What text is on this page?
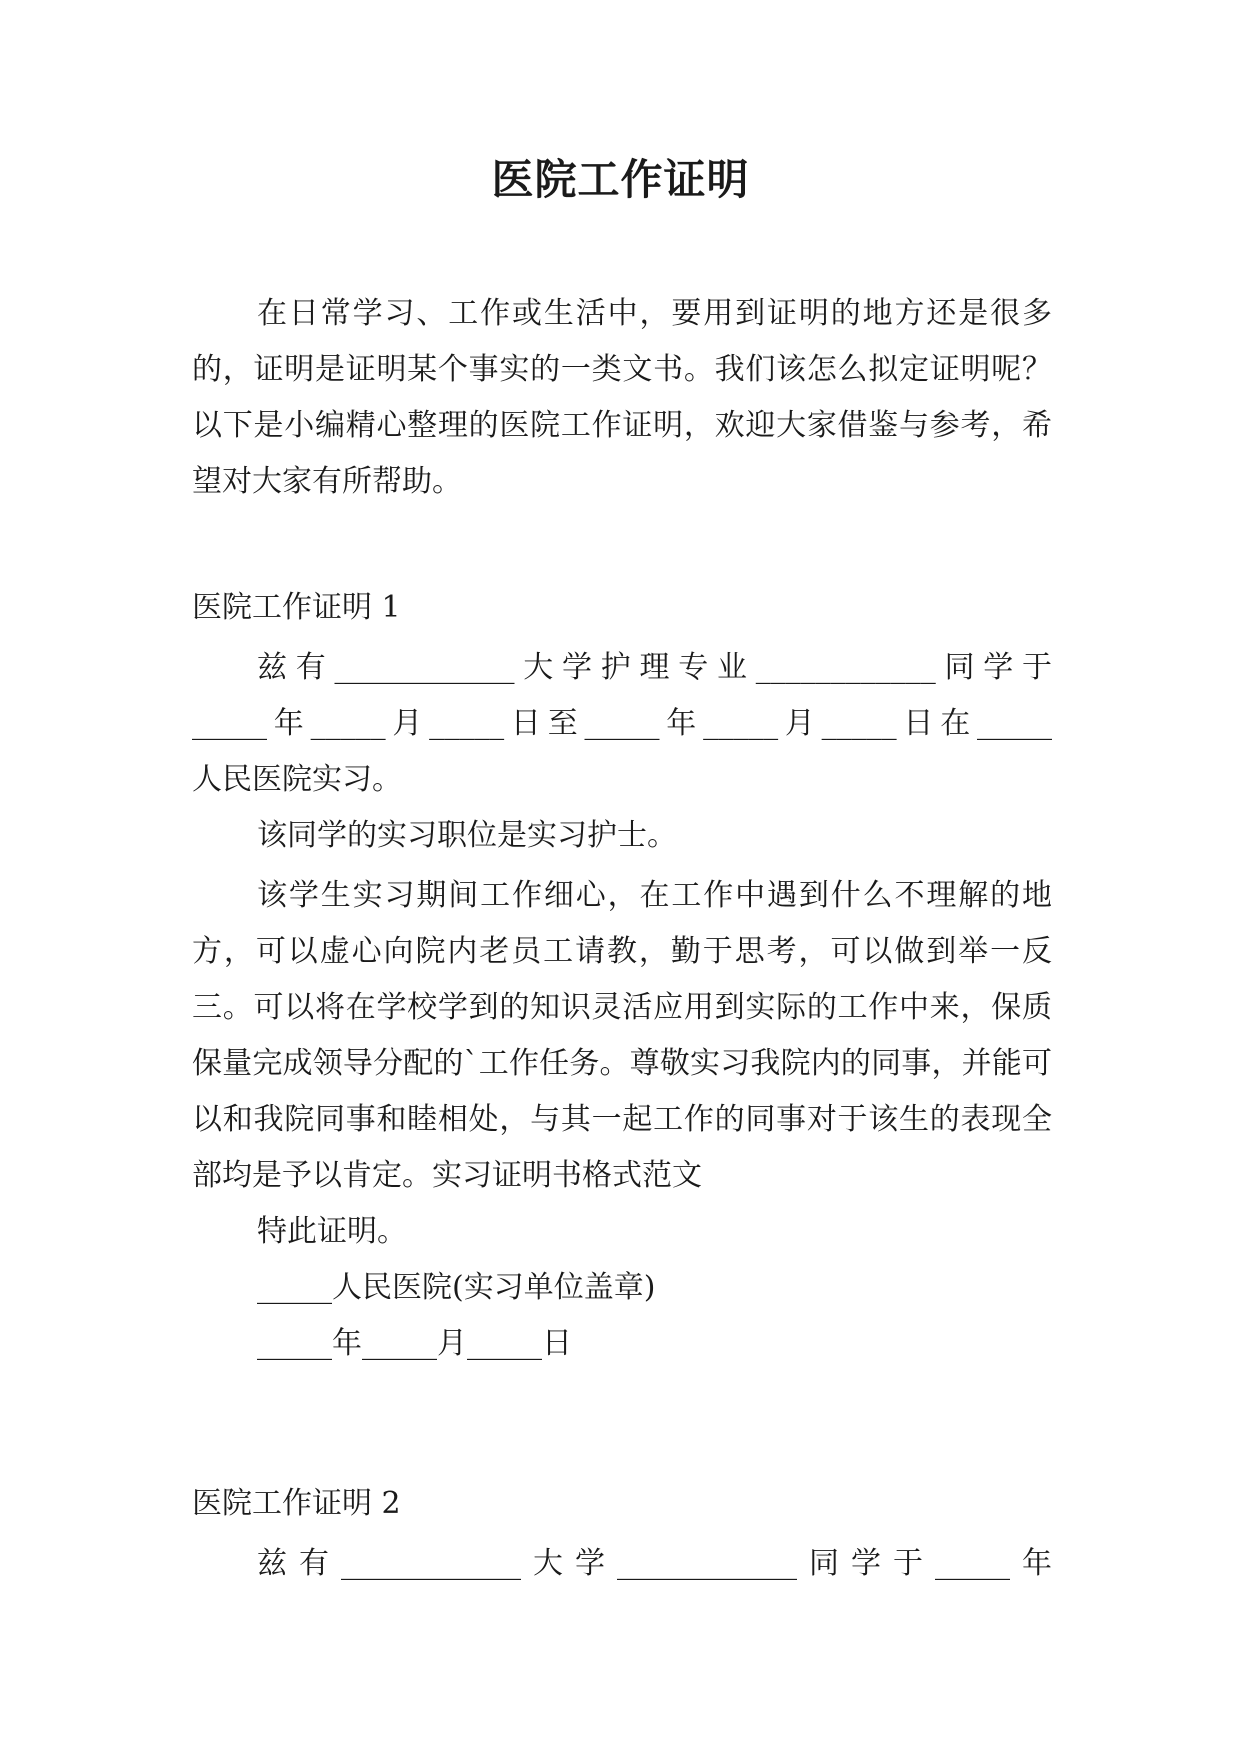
医院工作证明
在日常学习、工作或生活中，要用到证明的地方还是很多的，证明是证明某个事实的一类文书。我们该怎么拟定证明呢？以下是小编精心整理的医院工作证明，欢迎大家借鉴与参考，希望对大家有所帮助。
医院工作证明 1
兹有____________大学护理专业____________同学于
_____年_____月_____日至_____年_____月_____日在_____
人民医院实习。
该同学的实习职位是实习护士。
该学生实习期间工作细心，在工作中遇到什么不理解的地方，可以虚心向院内老员工请教，勤于思考，可以做到举一反三。可以将在学校学到的知识灵活应用到实际的工作中来，保质保量完成领导分配的`工作任务。尊敬实习我院内的同事，并能可以和我院同事和睦相处，与其一起工作的同事对于该生的表现全部均是予以肯定。实习证明书格式范文
特此证明。
_____人民医院(实习单位盖章)
_____年_____月_____日
医院工作证明 2
兹有____________大学____________同学于_____年
